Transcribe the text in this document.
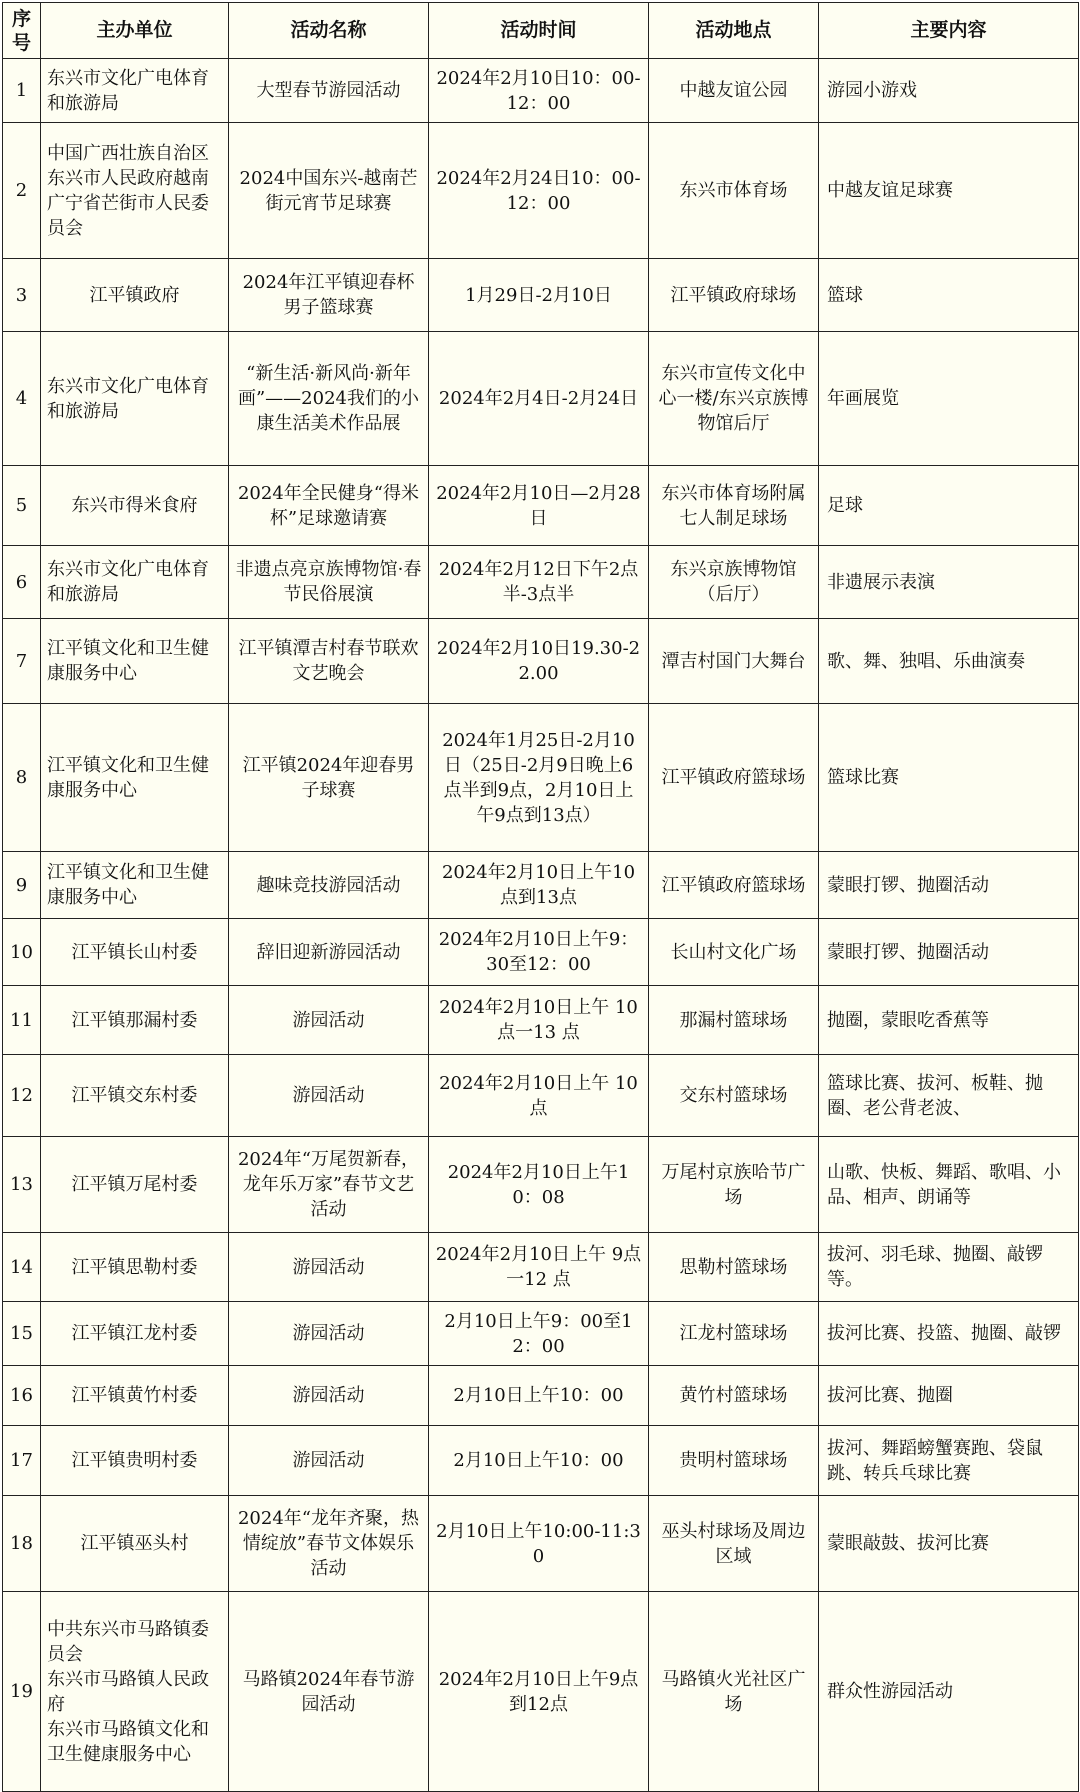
序号	主办单位	活动名称	活动时间	活动地点	主要内容
1	东兴市文化广电体育和旅游局	大型春节游园活动	2024年2月10日10：00-12：00	中越友谊公园	游园小游戏
2	中国广西壮族自治区东兴市人民政府越南广宁省芒街市人民委员会	2024中国东兴-越南芒街元宵节足球赛	2024年2月24日10：00-12：00	东兴市体育场	中越友谊足球赛
3	江平镇政府	2024年江平镇迎春杯男子篮球赛	1月29日-2月10日	江平镇政府球场	篮球
4	东兴市文化广电体育和旅游局	“新生活·新风尚·新年画”——2024我们的小康生活美术作品展	2024年2月4日-2月24日	东兴市宣传文化中心一楼/东兴京族博物馆后厅	年画展览
5	东兴市得米食府	2024年全民健身“得米杯”足球邀请赛	2024年2月10日—2月28日	东兴市体育场附属七人制足球场	足球
6	东兴市文化广电体育和旅游局	非遗点亮京族博物馆·春节民俗展演	2024年2月12日下午2点半-3点半	东兴京族博物馆（后厅）	非遗展示表演
7	江平镇文化和卫生健康服务中心	江平镇潭吉村春节联欢文艺晚会	2024年2月10日19.30-22.00	潭吉村国门大舞台	歌、舞、独唱、乐曲演奏
8	江平镇文化和卫生健康服务中心	江平镇2024年迎春男子球赛	2024年1月25日-2月10日（25日-2月9日晚上6点半到9点，2月10日上午9点到13点）	江平镇政府篮球场	篮球比赛
9	江平镇文化和卫生健康服务中心	趣味竞技游园活动	2024年2月10日上午10点到13点	江平镇政府篮球场	蒙眼打锣、抛圈活动
10	江平镇长山村委	辞旧迎新游园活动	2024年2月10日上午9：30至12：00	长山村文化广场	蒙眼打锣、抛圈活动
11	江平镇那漏村委	游园活动	2024年2月10日上午 10点一13 点	那漏村篮球场	抛圈，蒙眼吃香蕉等
12	江平镇交东村委	游园活动	2024年2月10日上午 10点	交东村篮球场	篮球比赛、拔河、板鞋、抛圈、老公背老波、
13	江平镇万尾村委	2024年“万尾贺新春，龙年乐万家”春节文艺活动	2024年2月10日上午10：08	万尾村京族哈节广场	山歌、快板、舞蹈、歌唱、小品、相声、朗诵等
14	江平镇思勒村委	游园活动	2024年2月10日上午 9点一12 点	思勒村篮球场	拔河、羽毛球、抛圈、敲锣等。
15	江平镇江龙村委	游园活动	2月10日上午9：00至12：00	江龙村篮球场	拔河比赛、投篮、抛圈、敲锣
16	江平镇黄竹村委	游园活动	2月10日上午10：00	黄竹村篮球场	拔河比赛、抛圈
17	江平镇贵明村委	游园活动	2月10日上午10：00	贵明村篮球场	拔河、舞蹈螃蟹赛跑、袋鼠跳、转兵乓球比赛
18	江平镇巫头村	2024年“龙年齐聚，热情绽放”春节文体娱乐活动	2月10日上午10:00-11:30	巫头村球场及周边区域	蒙眼敲鼓、拔河比赛
19	中共东兴市马路镇委员会
东兴市马路镇人民政府
东兴市马路镇文化和卫生健康服务中心	马路镇2024年春节游园活动	2024年2月10日上午9点到12点	马路镇火光社区广场	群众性游园活动
